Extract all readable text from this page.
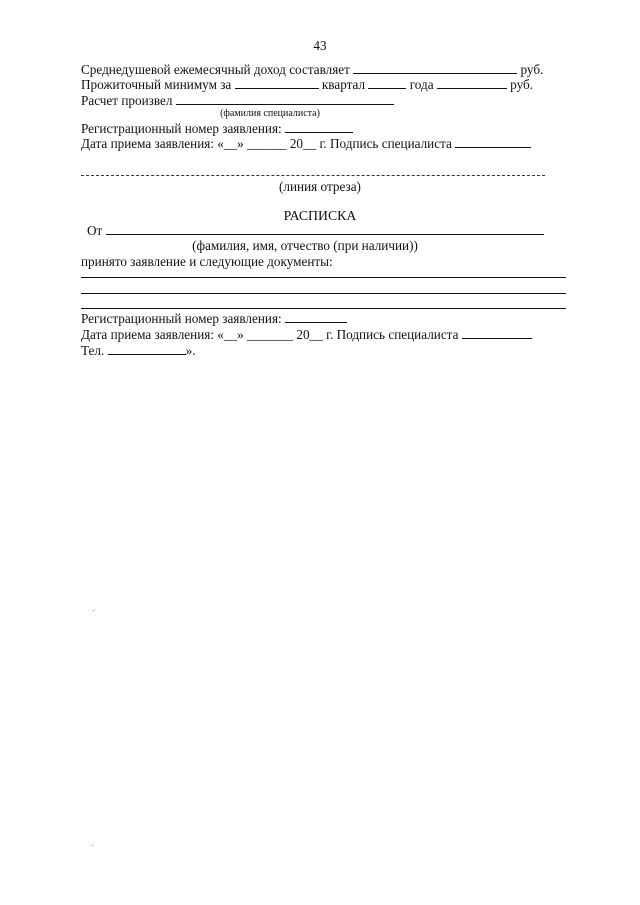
43
Среднедушевой ежемесячный доход составляет	руб.
Прожиточный минимум за	квартал	года	руб.
Расчет произвел
(фамилия специалиста)
Регистрационный номер заявления:
Дата приема заявления: «__» ______ 20__ г. Подпись специалиста
(линия отреза)
РАСПИСКА
От
(фамилия, имя, отчество (при наличии))
принято заявление и следующие документы:
Регистрационный номер заявления:
Дата приема заявления: «__» _______ 20__ г. Подпись специалиста
Тел.	».
